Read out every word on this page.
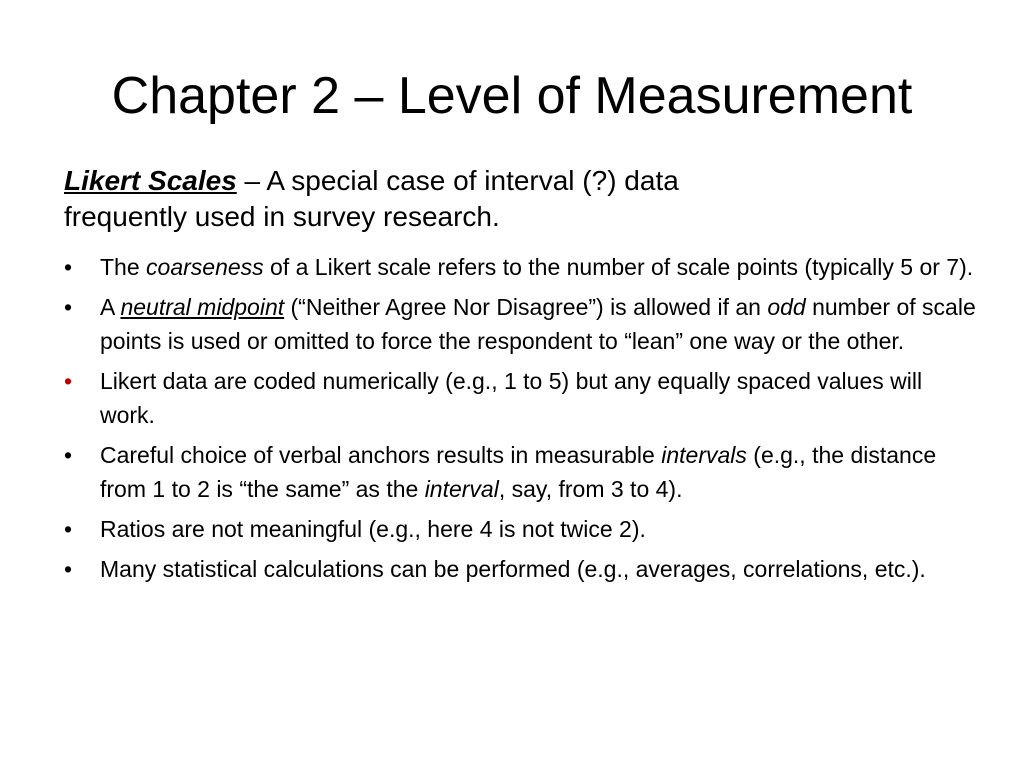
Chapter 2 – Level of Measurement
Likert Scales – A special case of interval (?) data
frequently used in survey research.
• The coarseness of a Likert scale refers to the number of scale points (typically 5 or 7).
• A neutral midpoint (“Neither Agree Nor Disagree”) is allowed if an odd number of scale points is used or omitted to force the respondent to “lean” one way or the other.
• Likert data are coded numerically (e.g., 1 to 5) but any equally spaced values will work.
• Careful choice of verbal anchors results in measurable intervals (e.g., the distance from 1 to 2 is “the same” as the interval, say, from 3 to 4).
• Ratios are not meaningful (e.g., here 4 is not twice 2).
• Many statistical calculations can be performed (e.g., averages, correlations, etc.).
